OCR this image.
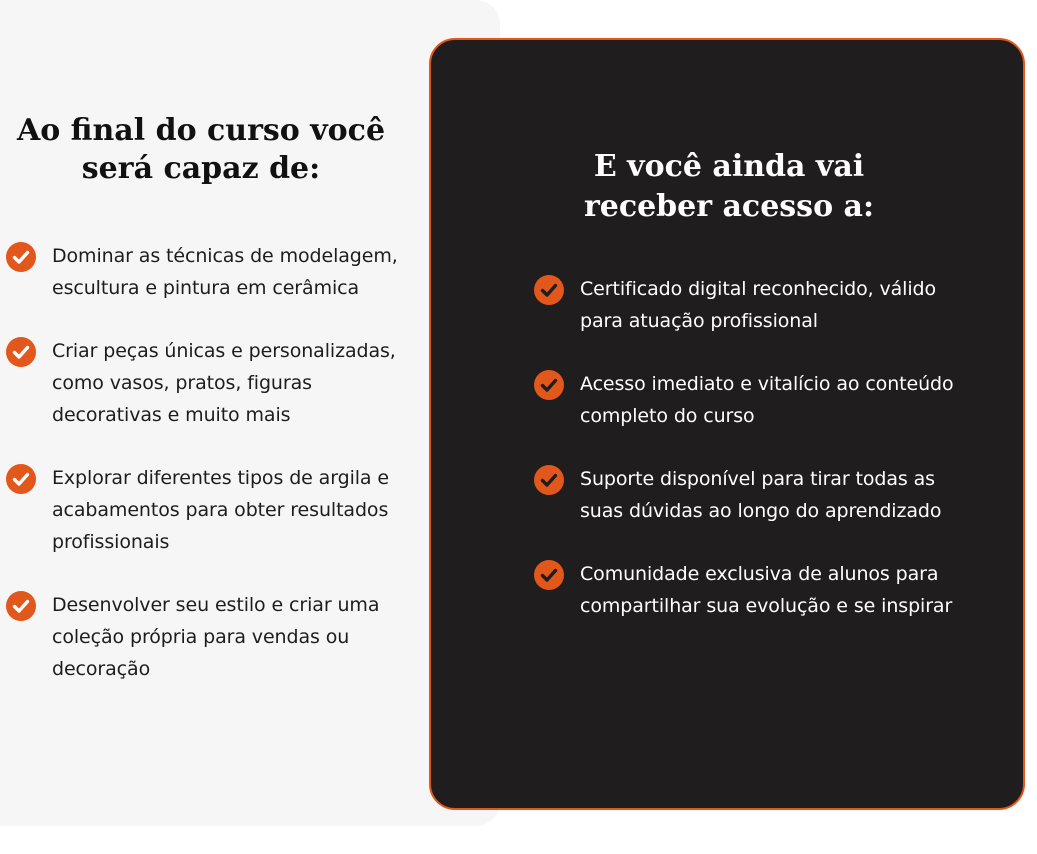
Ao final do curso você
será capaz de:
Dominar as técnicas de modelagem, escultura e pintura em cerâmica
Criar peças únicas e personalizadas, como vasos, pratos, figuras decorativas e muito mais
Explorar diferentes tipos de argila e acabamentos para obter resultados profissionais
Desenvolver seu estilo e criar uma coleção própria para vendas ou decoração
E você ainda vai
receber acesso a:
Certificado digital reconhecido, válido para atuação profissional
Acesso imediato e vitalício ao conteúdo completo do curso
Suporte disponível para tirar todas as suas dúvidas ao longo do aprendizado
Comunidade exclusiva de alunos para compartilhar sua evolução e se inspirar
